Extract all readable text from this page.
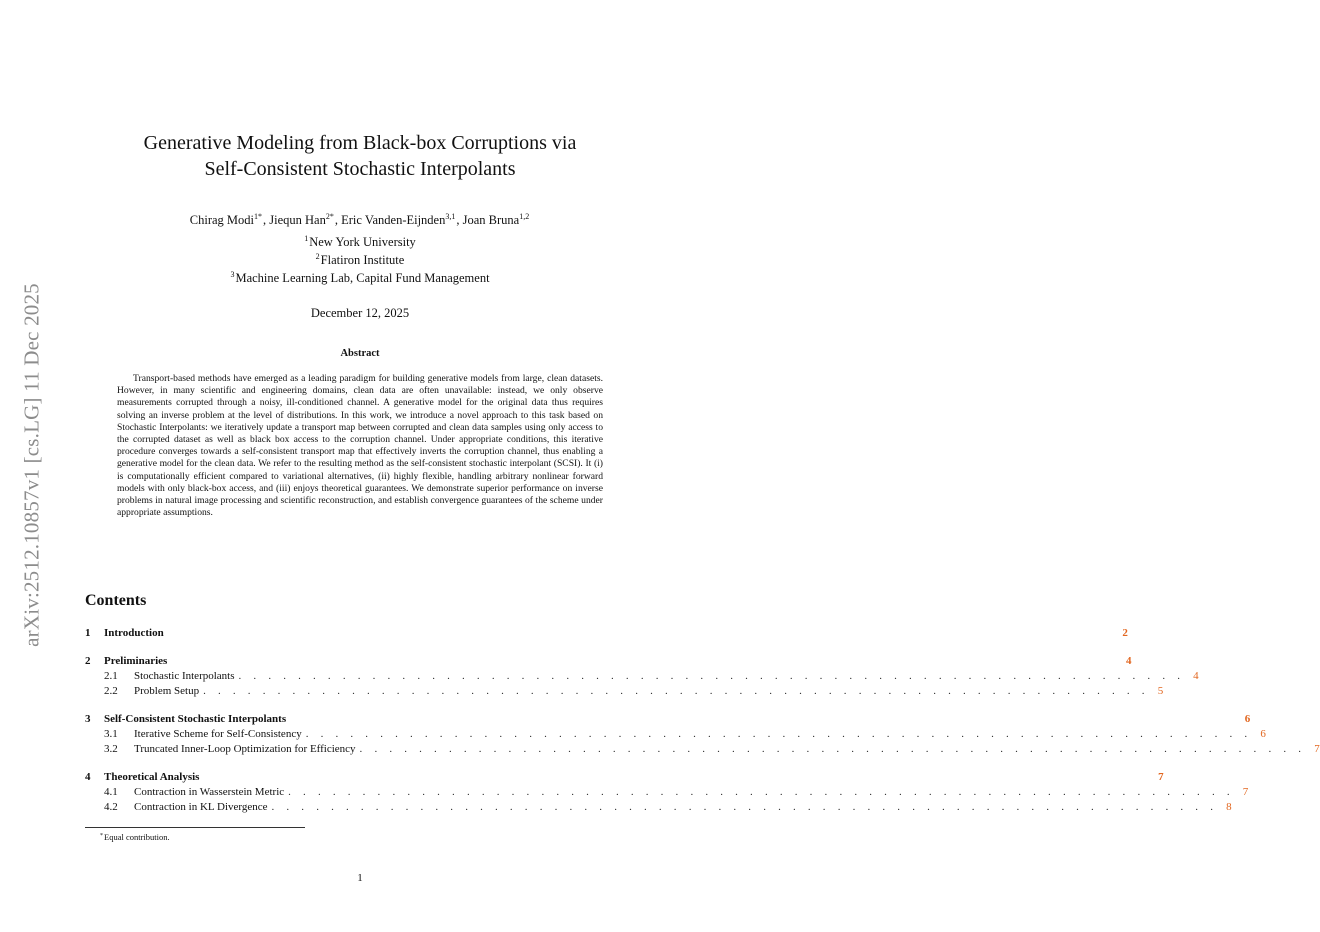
arXiv:2512.10857v1 [cs.LG] 11 Dec 2025
Generative Modeling from Black-box Corruptions via
Self-Consistent Stochastic Interpolants
Chirag Modi$^{1*}$, Jiequn Han$^{2*}$, Eric Vanden-Eijnden$^{3,1}$, Joan Bruna$^{1,2}$
$^1$New York University
$^2$Flatiron Institute
$^3$Machine Learning Lab, Capital Fund Management
December 12, 2025
Abstract
Transport-based methods have emerged as a leading paradigm for building generative models from large, clean datasets. However, in many scientific and engineering domains, clean data are often unavailable: instead, we only observe measurements corrupted through a noisy, ill-conditioned channel. A generative model for the original data thus requires solving an inverse problem at the level of distributions. In this work, we introduce a novel approach to this task based on Stochastic Interpolants: we iteratively update a transport map between corrupted and clean data samples using only access to the corrupted dataset as well as black box access to the corruption channel. Under appropriate conditions, this iterative procedure converges towards a self-consistent transport map that effectively inverts the corruption channel, thus enabling a generative model for the clean data. We refer to the resulting method as the self-consistent stochastic interpolant (SCSI). It (i) is computationally efficient compared to variational alternatives, (ii) highly flexible, handling arbitrary nonlinear forward models with only black-box access, and (iii) enjoys theoretical guarantees. We demonstrate superior performance on inverse problems in natural image processing and scientific reconstruction, and establish convergence guarantees of the scheme under appropriate assumptions.
Contents
1	Introduction	2
2	Preliminaries	4
2.1	Stochastic Interpolants . . . . . . . . . . . . . . . . . . . . . . . . . . . . . . . . . . . . . . . . . . . . . . . . . . . . . . . . . . . . . . . . 4
2.2	Problem Setup . . . . . . . . . . . . . . . . . . . . . . . . . . . . . . . . . . . . . . . . . . . . . . . . . . . . . . . . . . . . . . . . 5
3	Self-Consistent Stochastic Interpolants	6
3.1	Iterative Scheme for Self-Consistency . . . . . . . . . . . . . . . . . . . . . . . . . . . . . . . . . . . . . . . . . . . . . . . . . . . . . . . . . . . . . . . . 6
3.2	Truncated Inner-Loop Optimization for Efficiency . . . . . . . . . . . . . . . . . . . . . . . . . . . . . . . . . . . . . . . . . . . . . . . . . . . . . . . . . . . . . . . . 7
4	Theoretical Analysis	7
4.1	Contraction in Wasserstein Metric . . . . . . . . . . . . . . . . . . . . . . . . . . . . . . . . . . . . . . . . . . . . . . . . . . . . . . . . . . . . . . . . 7
4.2	Contraction in KL Divergence . . . . . . . . . . . . . . . . . . . . . . . . . . . . . . . . . . . . . . . . . . . . . . . . . . . . . . . . . . . . . . . . 8
*Equal contribution.
1
